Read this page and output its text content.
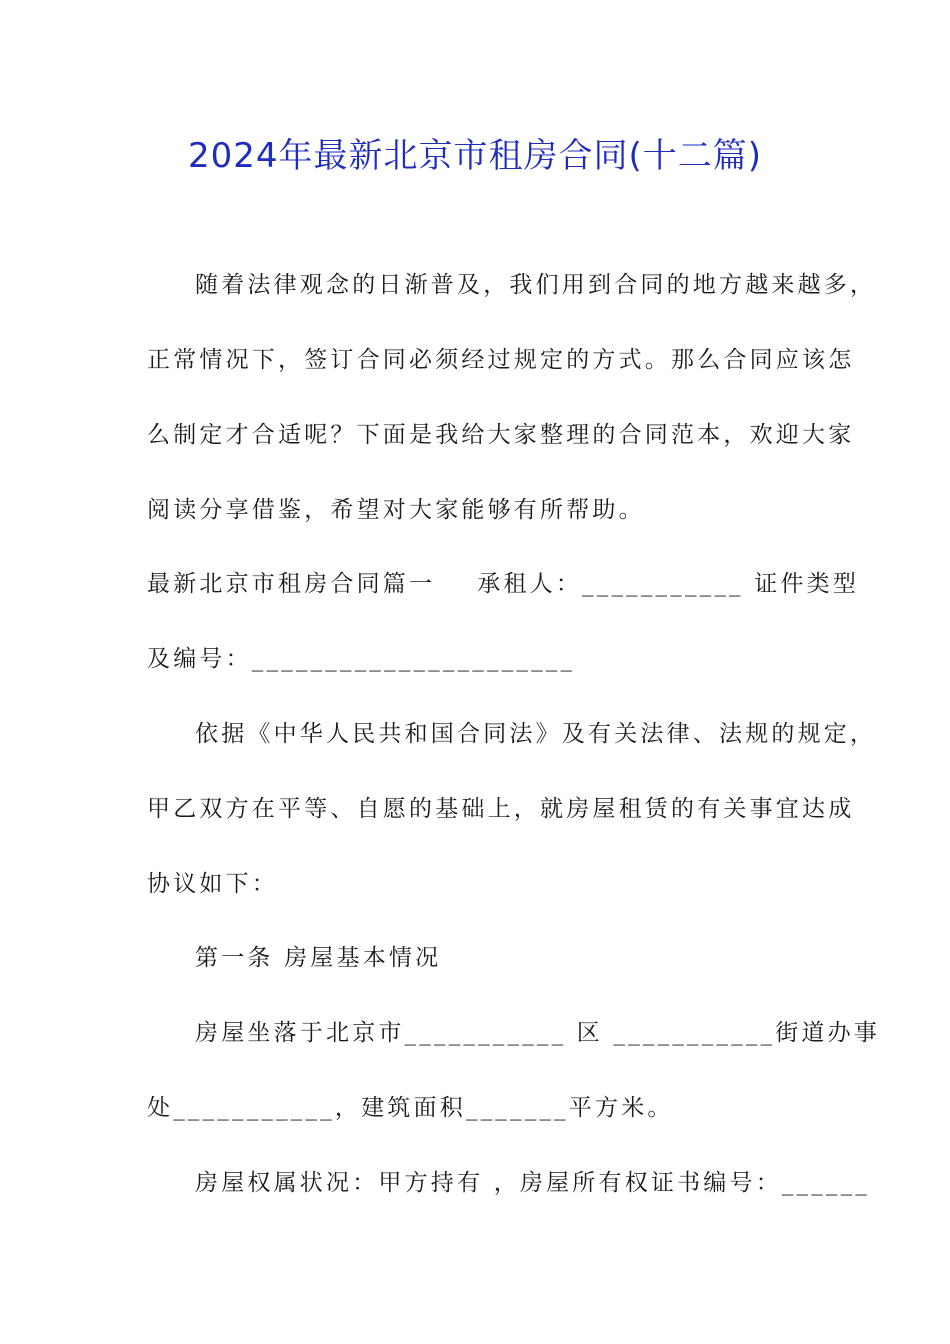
2024年最新北京市租房合同(十二篇)
随着法律观念的日渐普及，我们用到合同的地方越来越多，
正常情况下，签订合同必须经过规定的方式。那么合同应该怎
么制定才合适呢？下面是我给大家整理的合同范本，欢迎大家
阅读分享借鉴，希望对大家能够有所帮助。
最新北京市租房合同篇一    承租人：___________ 证件类型
及编号：______________________
依据《中华人民共和国合同法》及有关法律、法规的规定，
甲乙双方在平等、自愿的基础上，就房屋租赁的有关事宜达成
协议如下：
第一条 房屋基本情况
房屋坐落于北京市___________ 区 ___________街道办事
处___________，建筑面积_______平方米。
房屋权属状况：甲方持有 ，房屋所有权证书编号：______
